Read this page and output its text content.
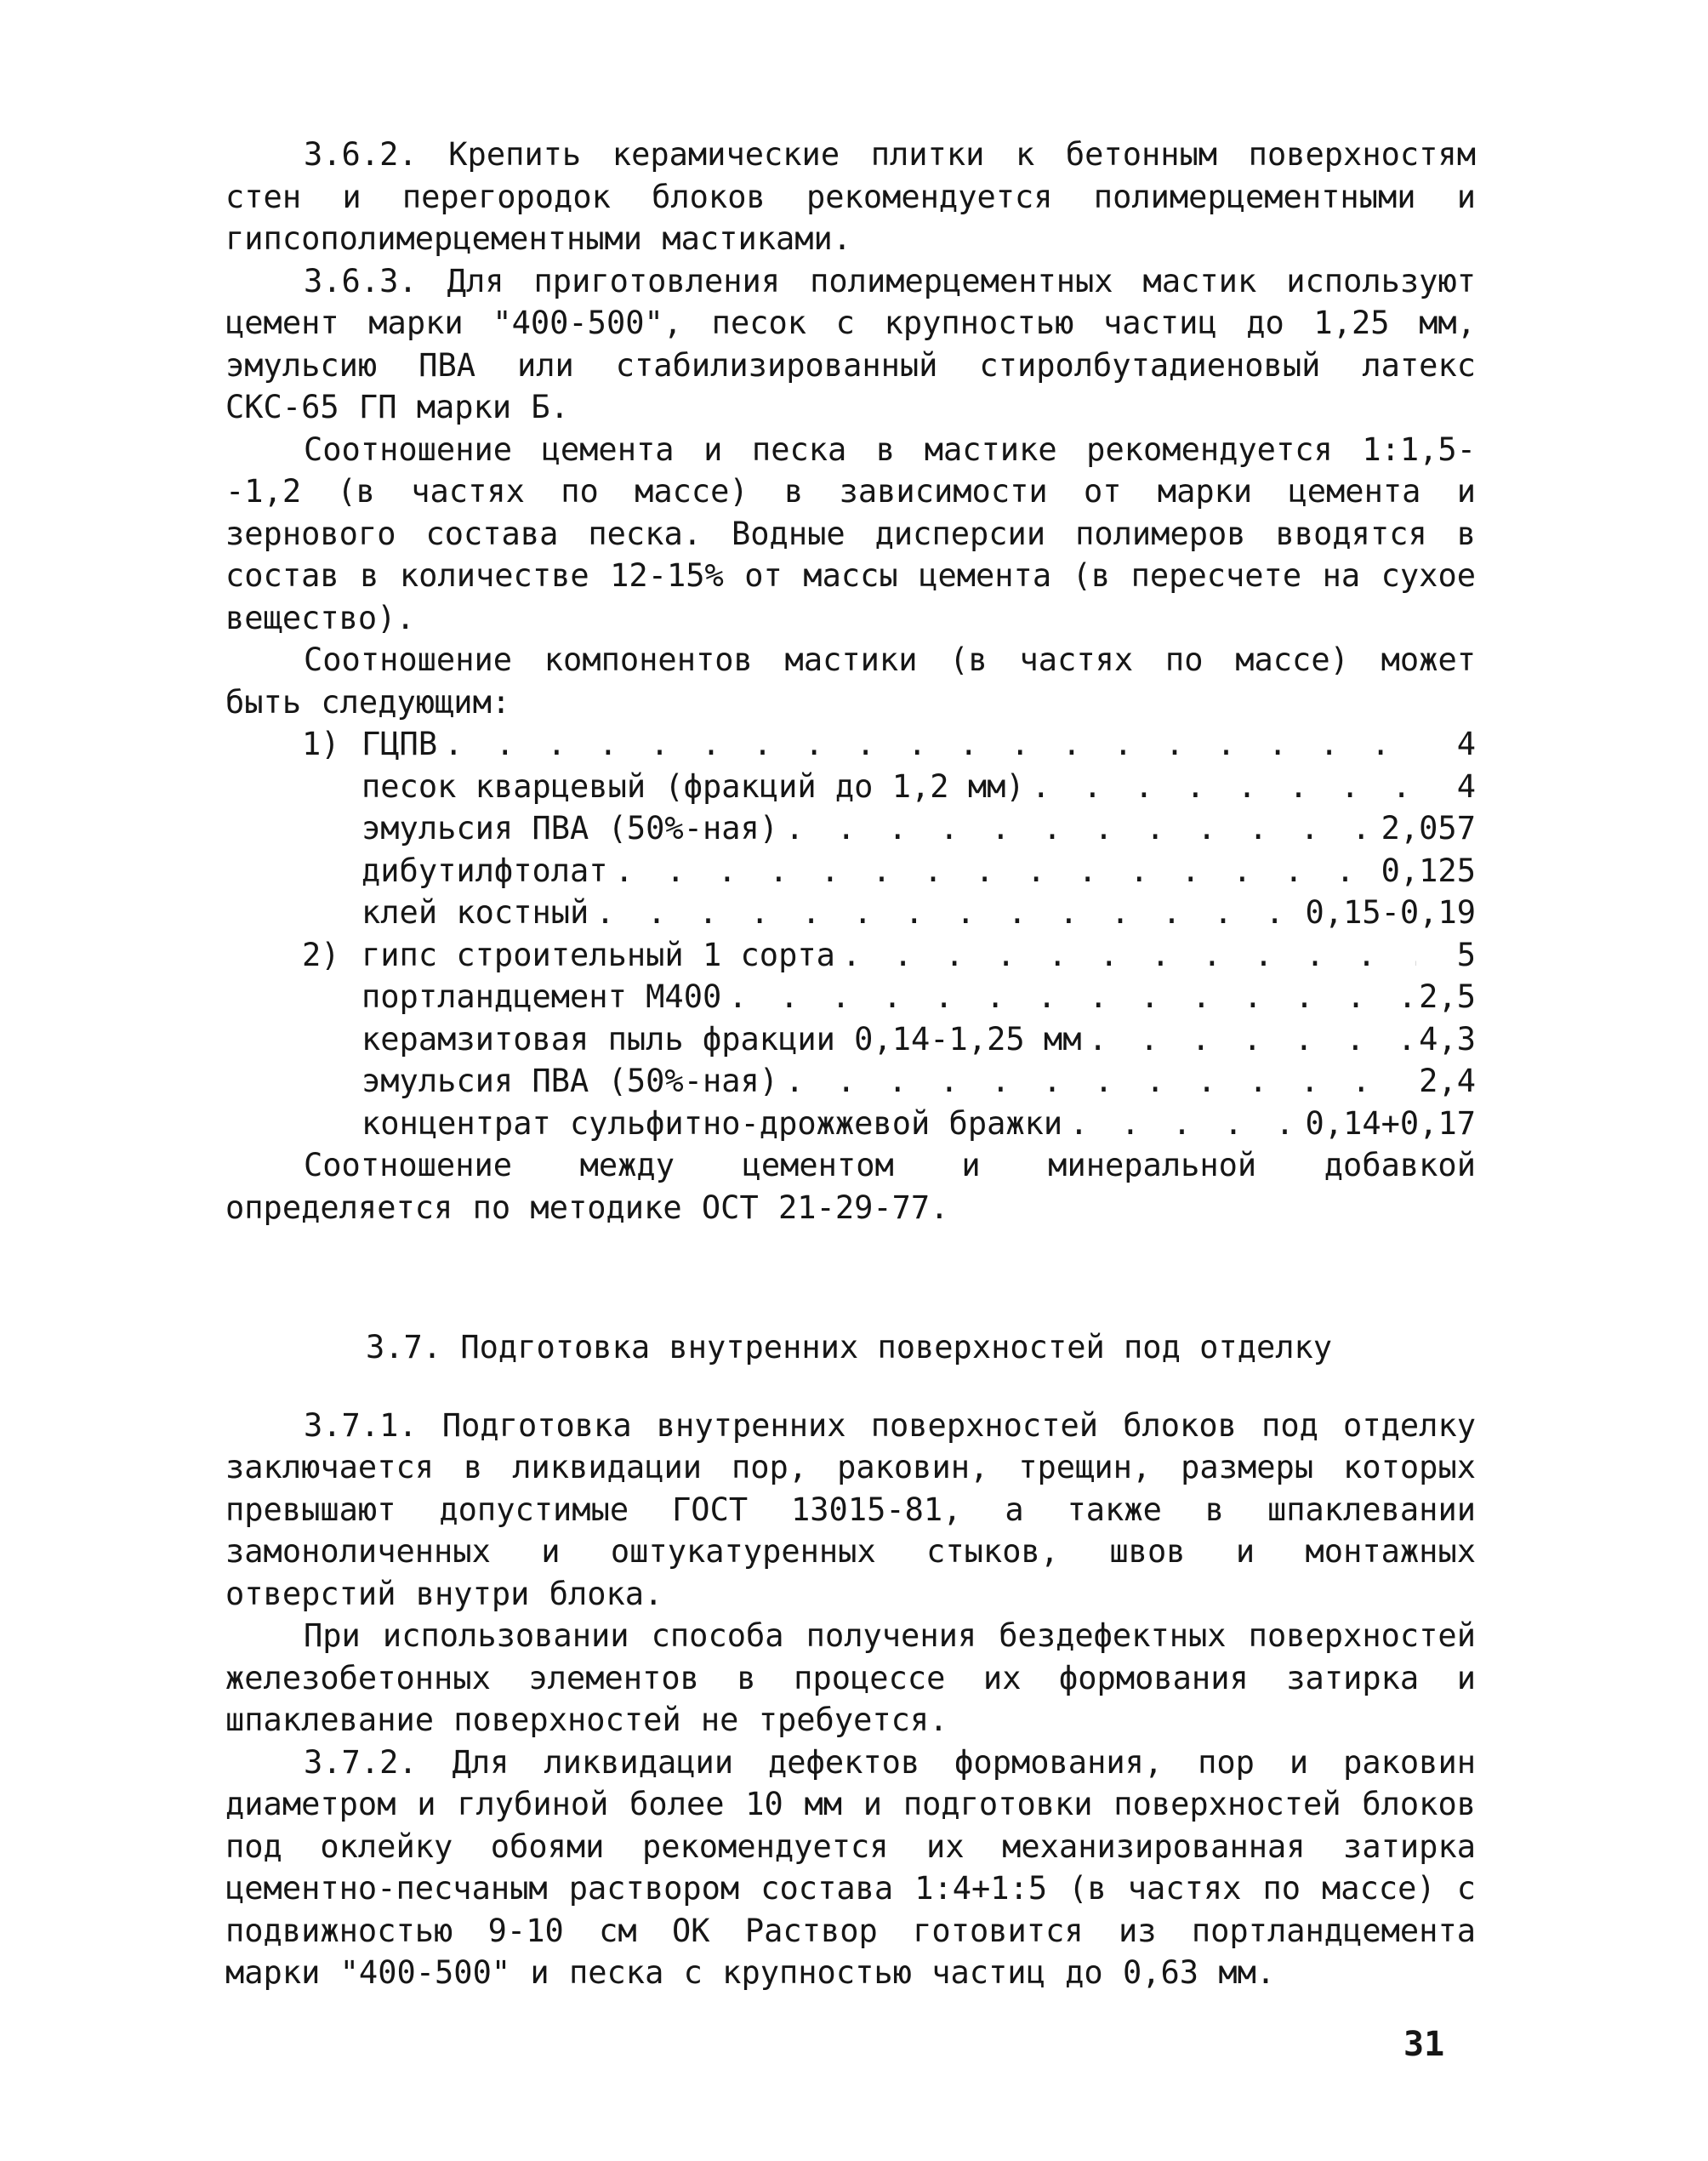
3.6.2. Крепить керамические плитки к бетонным поверхностям стен и перегородок блоков рекомендуется полимерцементными и гипсополимерцементными мастиками.

3.6.3. Для приготовления полимерцементных мастик используют цемент марки "400-500", песок с крупностью частиц до 1,25 мм, эмульсию ПВА или стабилизированный стиролбутадиеновый латекс СКС-65 ГП марки Б.

Соотношение цемента и песка в мастике рекомендуется 1:1,5--1,2 (в частях по массе) в зависимости от марки цемента и зернового состава песка. Водные дисперсии полимеров вводятся в состав в количестве 12-15% от массы цемента (в пересчете на сухое вещество).

Соотношение компонентов мастики (в частях по массе) может быть следующим:

1) ГЦПВ . . .	4
песок кварцевый (фракций до 1,2 мм) . . .	4
эмульсия ПВА (50%-ная) . . .	2,057
дибутилфтолат . . .	0,125
клей костный . . .	0,15-0,19
2) гипс строительный 1 сорта . . .	5
портландцемент М400 . . .	2,5
керамзитовая пыль фракции 0,14-1,25 мм . . .	4,3
эмульсия ПВА (50%-ная) . . .	2,4
концентрат сульфитно-дрожжевой бражки . . .	0,14+0,17

Соотношение между цементом и минеральной добавкой определяется по методике ОСТ 21-29-77.

3.7. Подготовка внутренних поверхностей под отделку

3.7.1. Подготовка внутренних поверхностей блоков под отделку заключается в ликвидации пор, раковин, трещин, размеры которых превышают допустимые ГОСТ 13015-81, а также в шпаклевании замоноличенных и оштукатуренных стыков, швов и монтажных отверстий внутри блока.

При использовании способа получения бездефектных поверхностей железобетонных элементов в процессе их формования затирка и шпаклевание поверхностей не требуется.

3.7.2. Для ликвидации дефектов формования, пор и раковин диаметром и глубиной более 10 мм и подготовки поверхностей блоков под оклейку обоями рекомендуется их механизированная затирка цементно-песчаным раствором состава 1:4+1:5 (в частях по массе) с подвижностью 9-10 см ОК Раствор готовится из портландцемента марки "400-500" и песка с крупностью частиц до 0,63 мм.

31
